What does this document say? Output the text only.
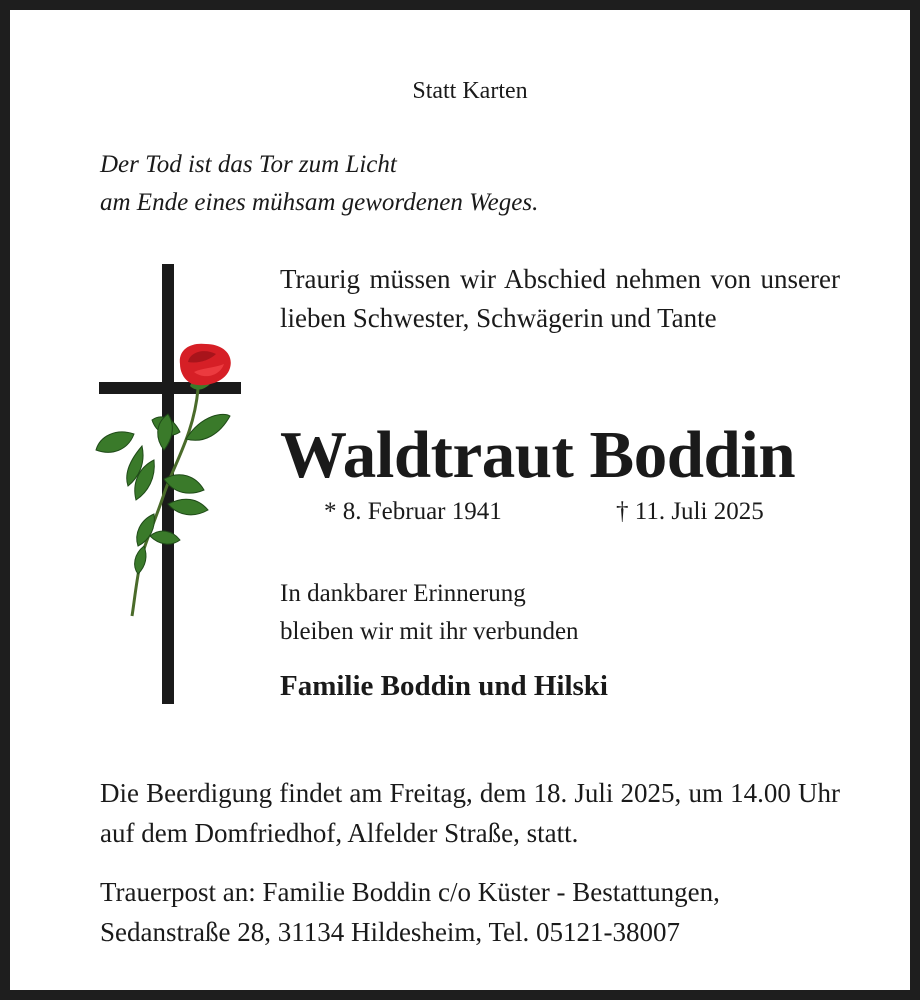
Statt Karten
Der Tod ist das Tor zum Licht
am Ende eines mühsam gewordenen Weges.
Traurig müssen wir Abschied nehmen von unserer lieben Schwester, Schwägerin und Tante
Waldtraut Boddin
* 8. Februar 1941	† 11. Juli 2025
In dankbarer Erinnerung
bleiben wir mit ihr verbunden
Familie Boddin und Hilski
Die Beerdigung findet am Freitag, dem 18. Juli 2025, um 14.00 Uhr auf dem Domfriedhof, Alfelder Straße, statt.
Trauerpost an: Familie Boddin c/o Küster - Bestattungen,
Sedanstraße 28, 31134 Hildesheim, Tel. 05121-38007
